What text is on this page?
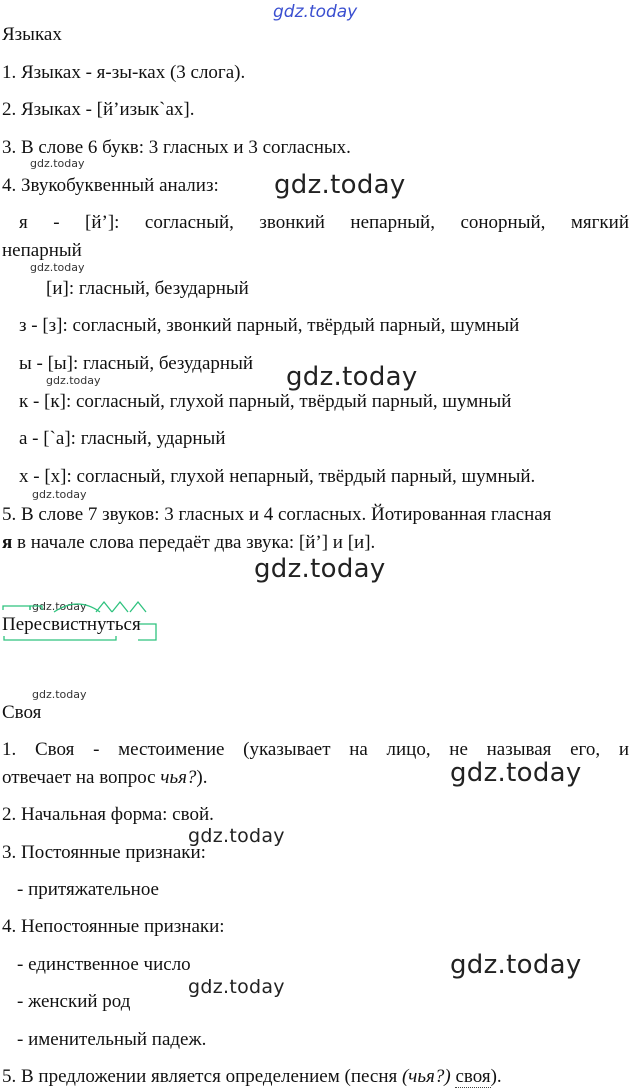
gdz.today
Языках
1. Языках - я-зы-ках (3 слога).
2. Языках - [й’изык`ах].
3. В слове 6 букв: 3 гласных и 3 согласных.
gdz.today
4. Звукобуквенный анализ: gdz.today
я - [й’]: согласный, звонкий непарный, сонорный, мягкий
непарный
gdz.today
[и]: гласный, безударный
з - [з]: согласный, звонкий парный, твёрдый парный, шумный
ы - [ы]: гласный, безударный gdz.today
gdz.today
к - [к]: согласный, глухой парный, твёрдый парный, шумный
а - [`а]: гласный, ударный
х - [х]: согласный, глухой непарный, твёрдый парный, шумный.
gdz.today
5. В слове 7 звуков: 3 гласных и 4 согласных. Йотированная гласная
я в начале слова передаёт два звука: [й’] и [и].
gdz.today
gdz.today
Пересвистнуться
gdz.today
Своя
1. Своя - местоимение (указывает на лицо, не называя его, и
отвечает на вопрос чья?).	gdz.today
2. Начальная форма: свой.
gdz.today
3. Постоянные признаки:
- притяжательное
4. Непостоянные признаки:
- единственное число	gdz.today
gdz.today
- женский род
- именительный падеж.
5. В предложении является определением (песня (чья?) своя).
